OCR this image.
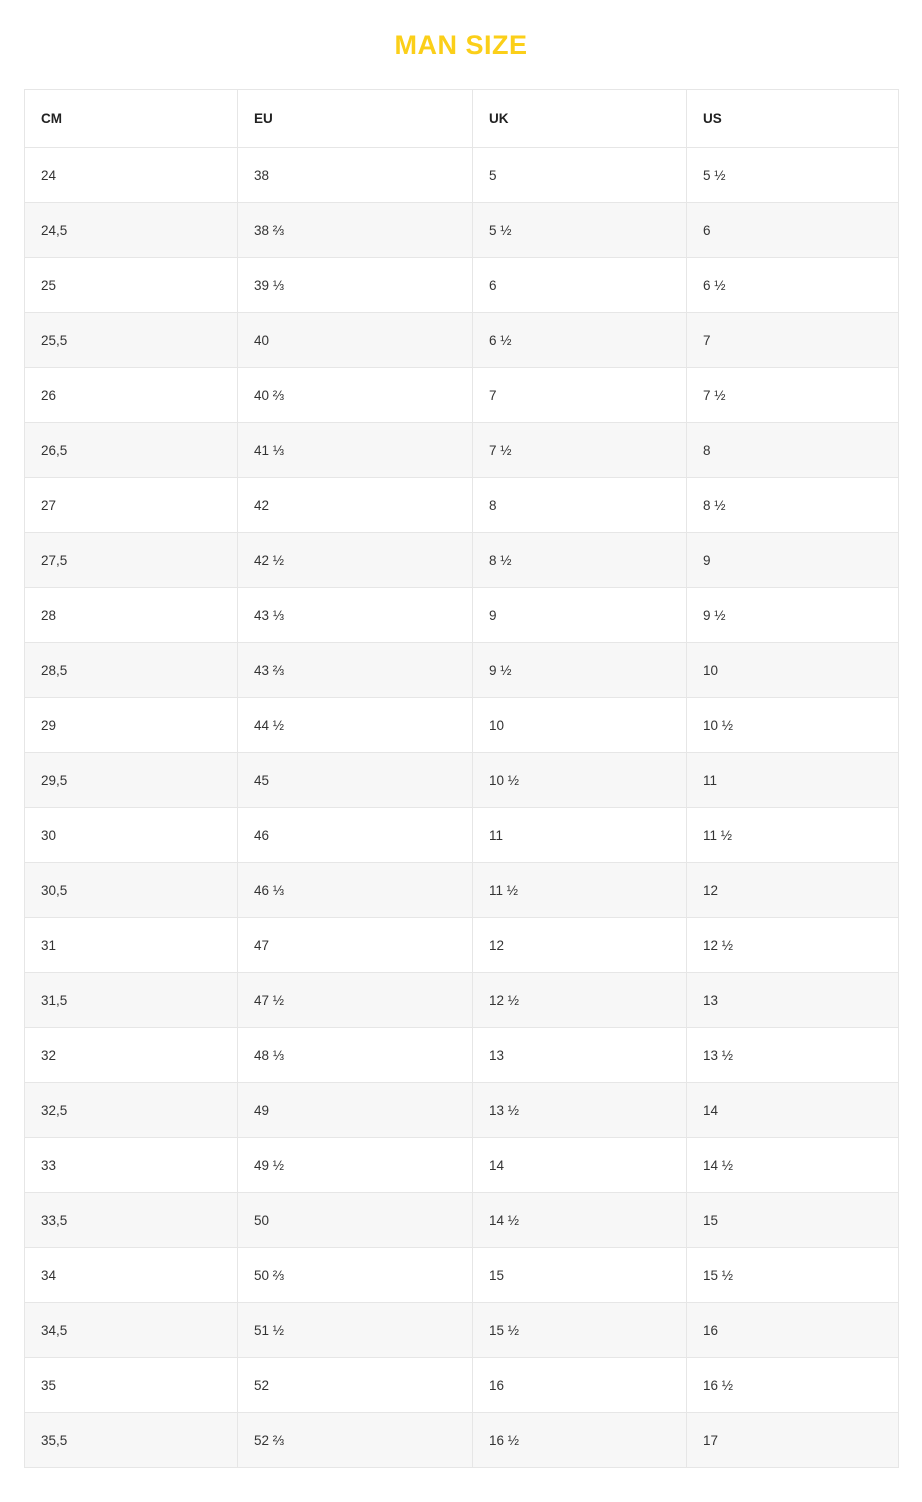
MAN SIZE
CM	EU	UK	US
24	38	5	5 ½
24,5	38 ⅔	5 ½	6
25	39 ⅓	6	6 ½
25,5	40	6 ½	7
26	40 ⅔	7	7 ½
26,5	41 ⅓	7 ½	8
27	42	8	8 ½
27,5	42 ½	8 ½	9
28	43 ⅓	9	9 ½
28,5	43 ⅔	9 ½	10
29	44 ½	10	10 ½
29,5	45	10 ½	11
30	46	11	11 ½
30,5	46 ⅓	11 ½	12
31	47	12	12 ½
31,5	47 ½	12 ½	13
32	48 ⅓	13	13 ½
32,5	49	13 ½	14
33	49 ½	14	14 ½
33,5	50	14 ½	15
34	50 ⅔	15	15 ½
34,5	51 ½	15 ½	16
35	52	16	16 ½
35,5	52 ⅔	16 ½	17
